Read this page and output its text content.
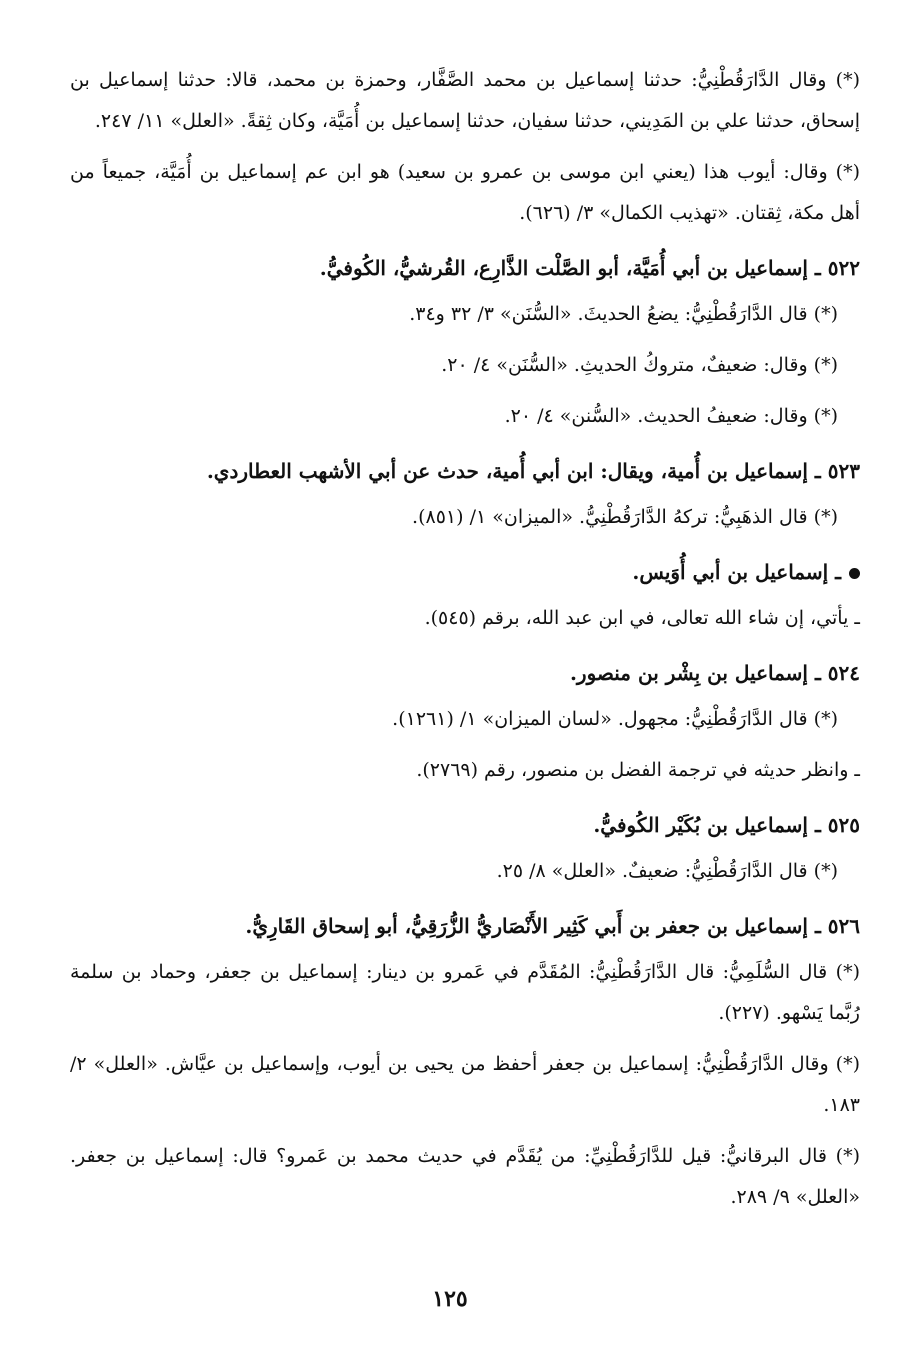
(*) وقال الدَّارَقُطْنِيُّ: حدثنا إسماعيل بن محمد الصَّفَّار، وحمزة بن محمد، قالا: حدثنا إسماعيل بن إسحاق، حدثنا علي بن المَدِيني، حدثنا سفيان، حدثنا إسماعيل بن أُمَيَّة، وكان ثِقةً. «العلل» ١١/ ٢٤٧.

(*) وقال: أيوب هذا (يعني ابن موسى بن عمرو بن سعيد) هو ابن عم إسماعيل بن أُمَيَّة، جميعاً من أهل مكة، ثِقتان. «تهذيب الكمال» ٣/ (٦٢٦).

٥٢٢ ـ إسماعيل بن أبي أُمَيَّة، أبو الصَّلْت الذَّارِع، القُرشيُّ، الكُوفيُّ.

(*) قال الدَّارَقُطْنِيُّ: يضعُ الحديثَ. «السُّنَن» ٣/ ٣٢ و٣٤.

(*) وقال: ضعيفٌ، متروكُ الحديثِ. «السُّنَن» ٤/ ٢٠.

(*) وقال: ضعيفُ الحديث. «السُّنن» ٤/ ٢٠.

٥٢٣ ـ إسماعيل بن أُمية، ويقال: ابن أبي أُمية، حدث عن أبي الأشهب العطاردي.

(*) قال الذهَبِيُّ: تركهُ الدَّارَقُطْنِيُّ. «الميزان» ١/ (٨٥١).

ـ إسماعيل بن أبي أُوَيس.

ـ يأتي، إن شاء الله تعالى، في ابن عبد الله، برقم (٥٤٥).

٥٢٤ ـ إسماعيل بن بِشْر بن منصور.

(*) قال الدَّارَقُطْنِيُّ: مجهول. «لسان الميزان» ١/ (١٢٦١).

ـ وانظر حديثه في ترجمة الفضل بن منصور، رقم (٢٧٦٩).

٥٢٥ ـ إسماعيل بن بُكَيْر الكُوفيُّ.

(*) قال الدَّارَقُطْنِيُّ: ضعيفٌ. «العلل» ٨/ ٢٥.

٥٢٦ ـ إسماعيل بن جعفر بن أَبي كَثِير الأَنْصَاريُّ الزُّرَقِيُّ، أبو إسحاق القَارِيُّ.

(*) قال السُّلَمِيُّ: قال الدَّارَقُطْنِيُّ: المُقَدَّم في عَمرو بن دينار: إسماعيل بن جعفر، وحماد بن سلمة رُبَّما يَسْهو. (٢٢٧).

(*) وقال الدَّارَقُطْنِيُّ: إسماعيل بن جعفر أحفظ من يحيى بن أيوب، وإسماعيل بن عيَّاش. «العلل» ٢/ ١٨٣.

(*) قال البرقانيُّ: قيل للدَّارَقُطْنِيِّ: من يُقَدَّم في حديث محمد بن عَمرو؟ قال: إسماعيل بن جعفر. «العلل» ٩/ ٢٨٩.

١٢٥
